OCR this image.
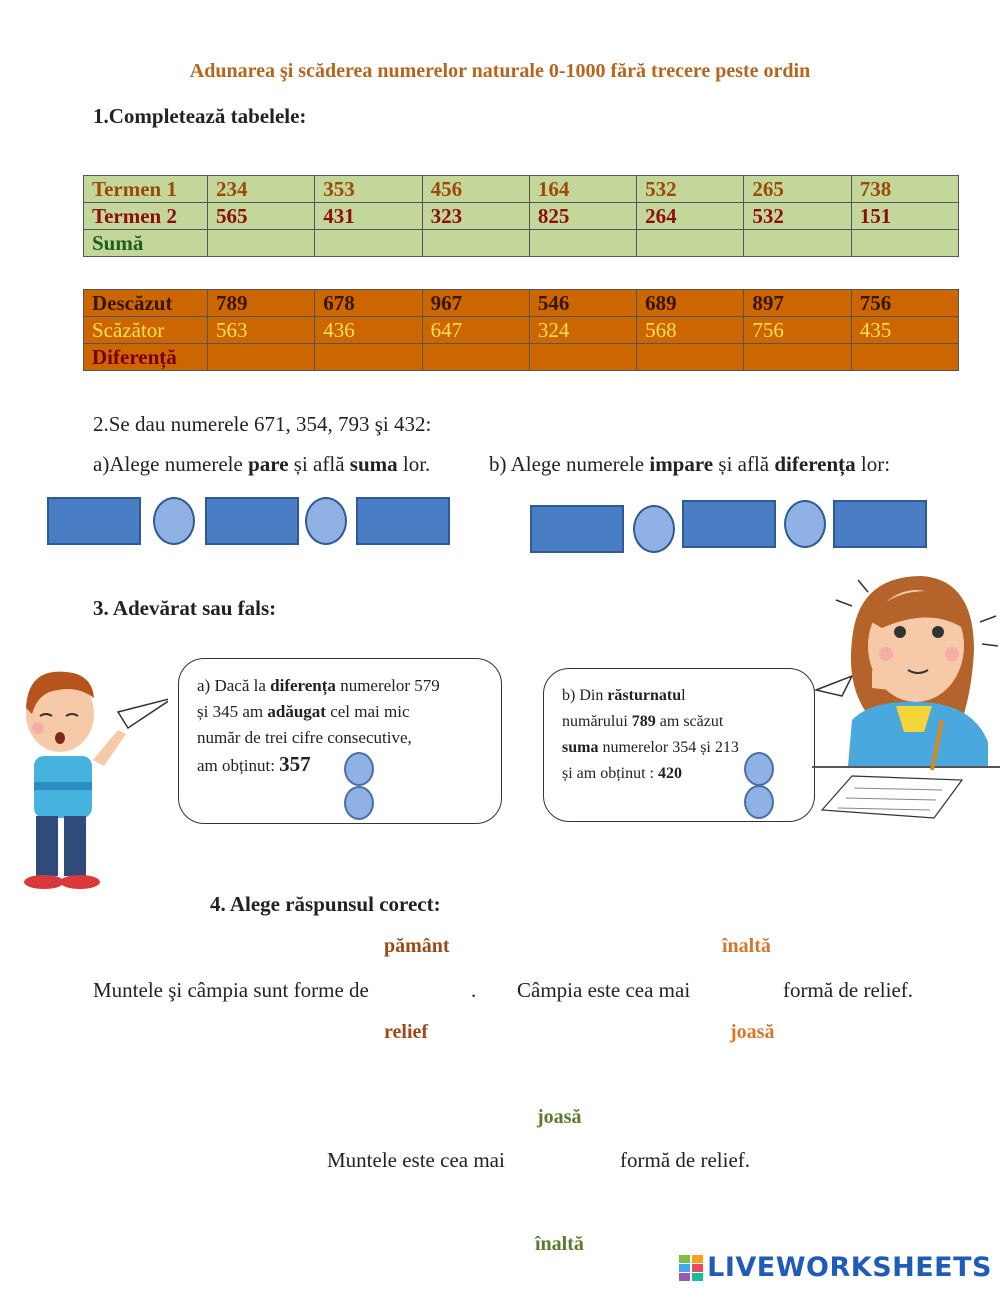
Adunarea şi scăderea numerelor naturale 0-1000 fără trecere peste ordin
1.Completează tabelele:
Termen 1	234	353	456	164	532	265	738
Termen 2	565	431	323	825	264	532	151
Sumă							
Descăzut	789	678	967	546	689	897	756
Scăzător	563	436	647	324	568	756	435
Diferență							
2.Se dau numerele 671, 354, 793 şi 432:
a)Alege numerele pare și află suma lor.	b) Alege numerele impare și află diferența lor:
3. Adevărat sau fals:
a) Dacă la diferența numerelor 579
și 345 am adăugat cel mai mic
număr de trei cifre consecutive,
am obținut: 357
b) Din răsturnatul
numărului 789 am scăzut
suma numerelor 354 și 213
și am obținut : 420
4. Alege răspunsul corect:
pământ	înaltă
Muntele şi câmpia sunt forme de	. Câmpia este cea mai	formă de relief.
relief	joasă
joasă
Muntele este cea mai	formă de relief.
înaltă
LIVEWORKSHEETS
